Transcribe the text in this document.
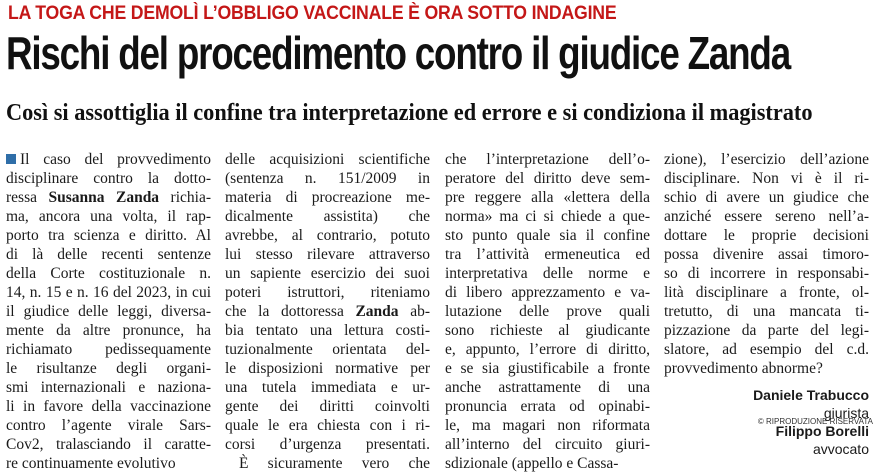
LA TOGA CHE DEMOLÌ L’OBBLIGO VACCINALE È ORA SOTTO INDAGINE
Rischi del procedimento contro il giudice Zanda
Così si assottiglia il confine tra interpretazione ed errore e si condiziona il magistrato
Il caso del provvedimento
disciplinare contro la dotto-
ressa Susanna Zanda richia-
ma, ancora una volta, il rap-
porto tra scienza e diritto. Al
di là delle recenti sentenze
della Corte costituzionale n.
14, n. 15 e n. 16 del 2023, in cui
il giudice delle leggi, diversa-
mente da altre pronunce, ha
richiamato pedissequamente
le risultanze degli organi-
smi internazionali e naziona-
li in favore della vaccinazione
contro l’agente virale Sars-
Cov2, tralasciando il caratte-
re continuamente evolutivo
delle acquisizioni scientifiche
(sentenza n. 151/2009 in
materia di procreazione me-
dicalmente assistita) che
avrebbe, al contrario, potuto
lui stesso rilevare attraverso
un sapiente esercizio dei suoi
poteri istruttori, riteniamo
che la dottoressa Zanda ab-
bia tentato una lettura costi-
tuzionalmente orientata del-
le disposizioni normative per
una tutela immediata e ur-
gente dei diritti coinvolti
quale le era chiesta con i ri-
corsi d’urgenza presentati.
È sicuramente vero che
che l’interpretazione dell’o-
peratore del diritto deve sem-
pre reggere alla «lettera della
norma» ma ci si chiede a que-
sto punto quale sia il confine
tra l’attività ermeneutica ed
interpretativa delle norme e
di libero apprezzamento e va-
lutazione delle prove quali
sono richieste al giudicante
e, appunto, l’errore di diritto,
e se sia giustificabile a fronte
anche astrattamente di una
pronuncia errata od opinabi-
le, ma magari non riformata
all’interno del circuito giuri-
sdizionale (appello e Cassa-
zione), l’esercizio dell’azione
disciplinare. Non vi è il ri-
schio di avere un giudice che
anziché essere sereno nell’a-
dottare le proprie decisioni
possa divenire assai timoro-
so di incorrere in responsabi-
lità disciplinare a fronte, ol-
tretutto, di una mancata ti-
pizzazione da parte del legi-
slatore, ad esempio del c.d.
provvedimento abnorme?
Daniele Trabucco
giurista
Filippo Borelli
avvocato
© RIPRODUZIONE RISERVATA
